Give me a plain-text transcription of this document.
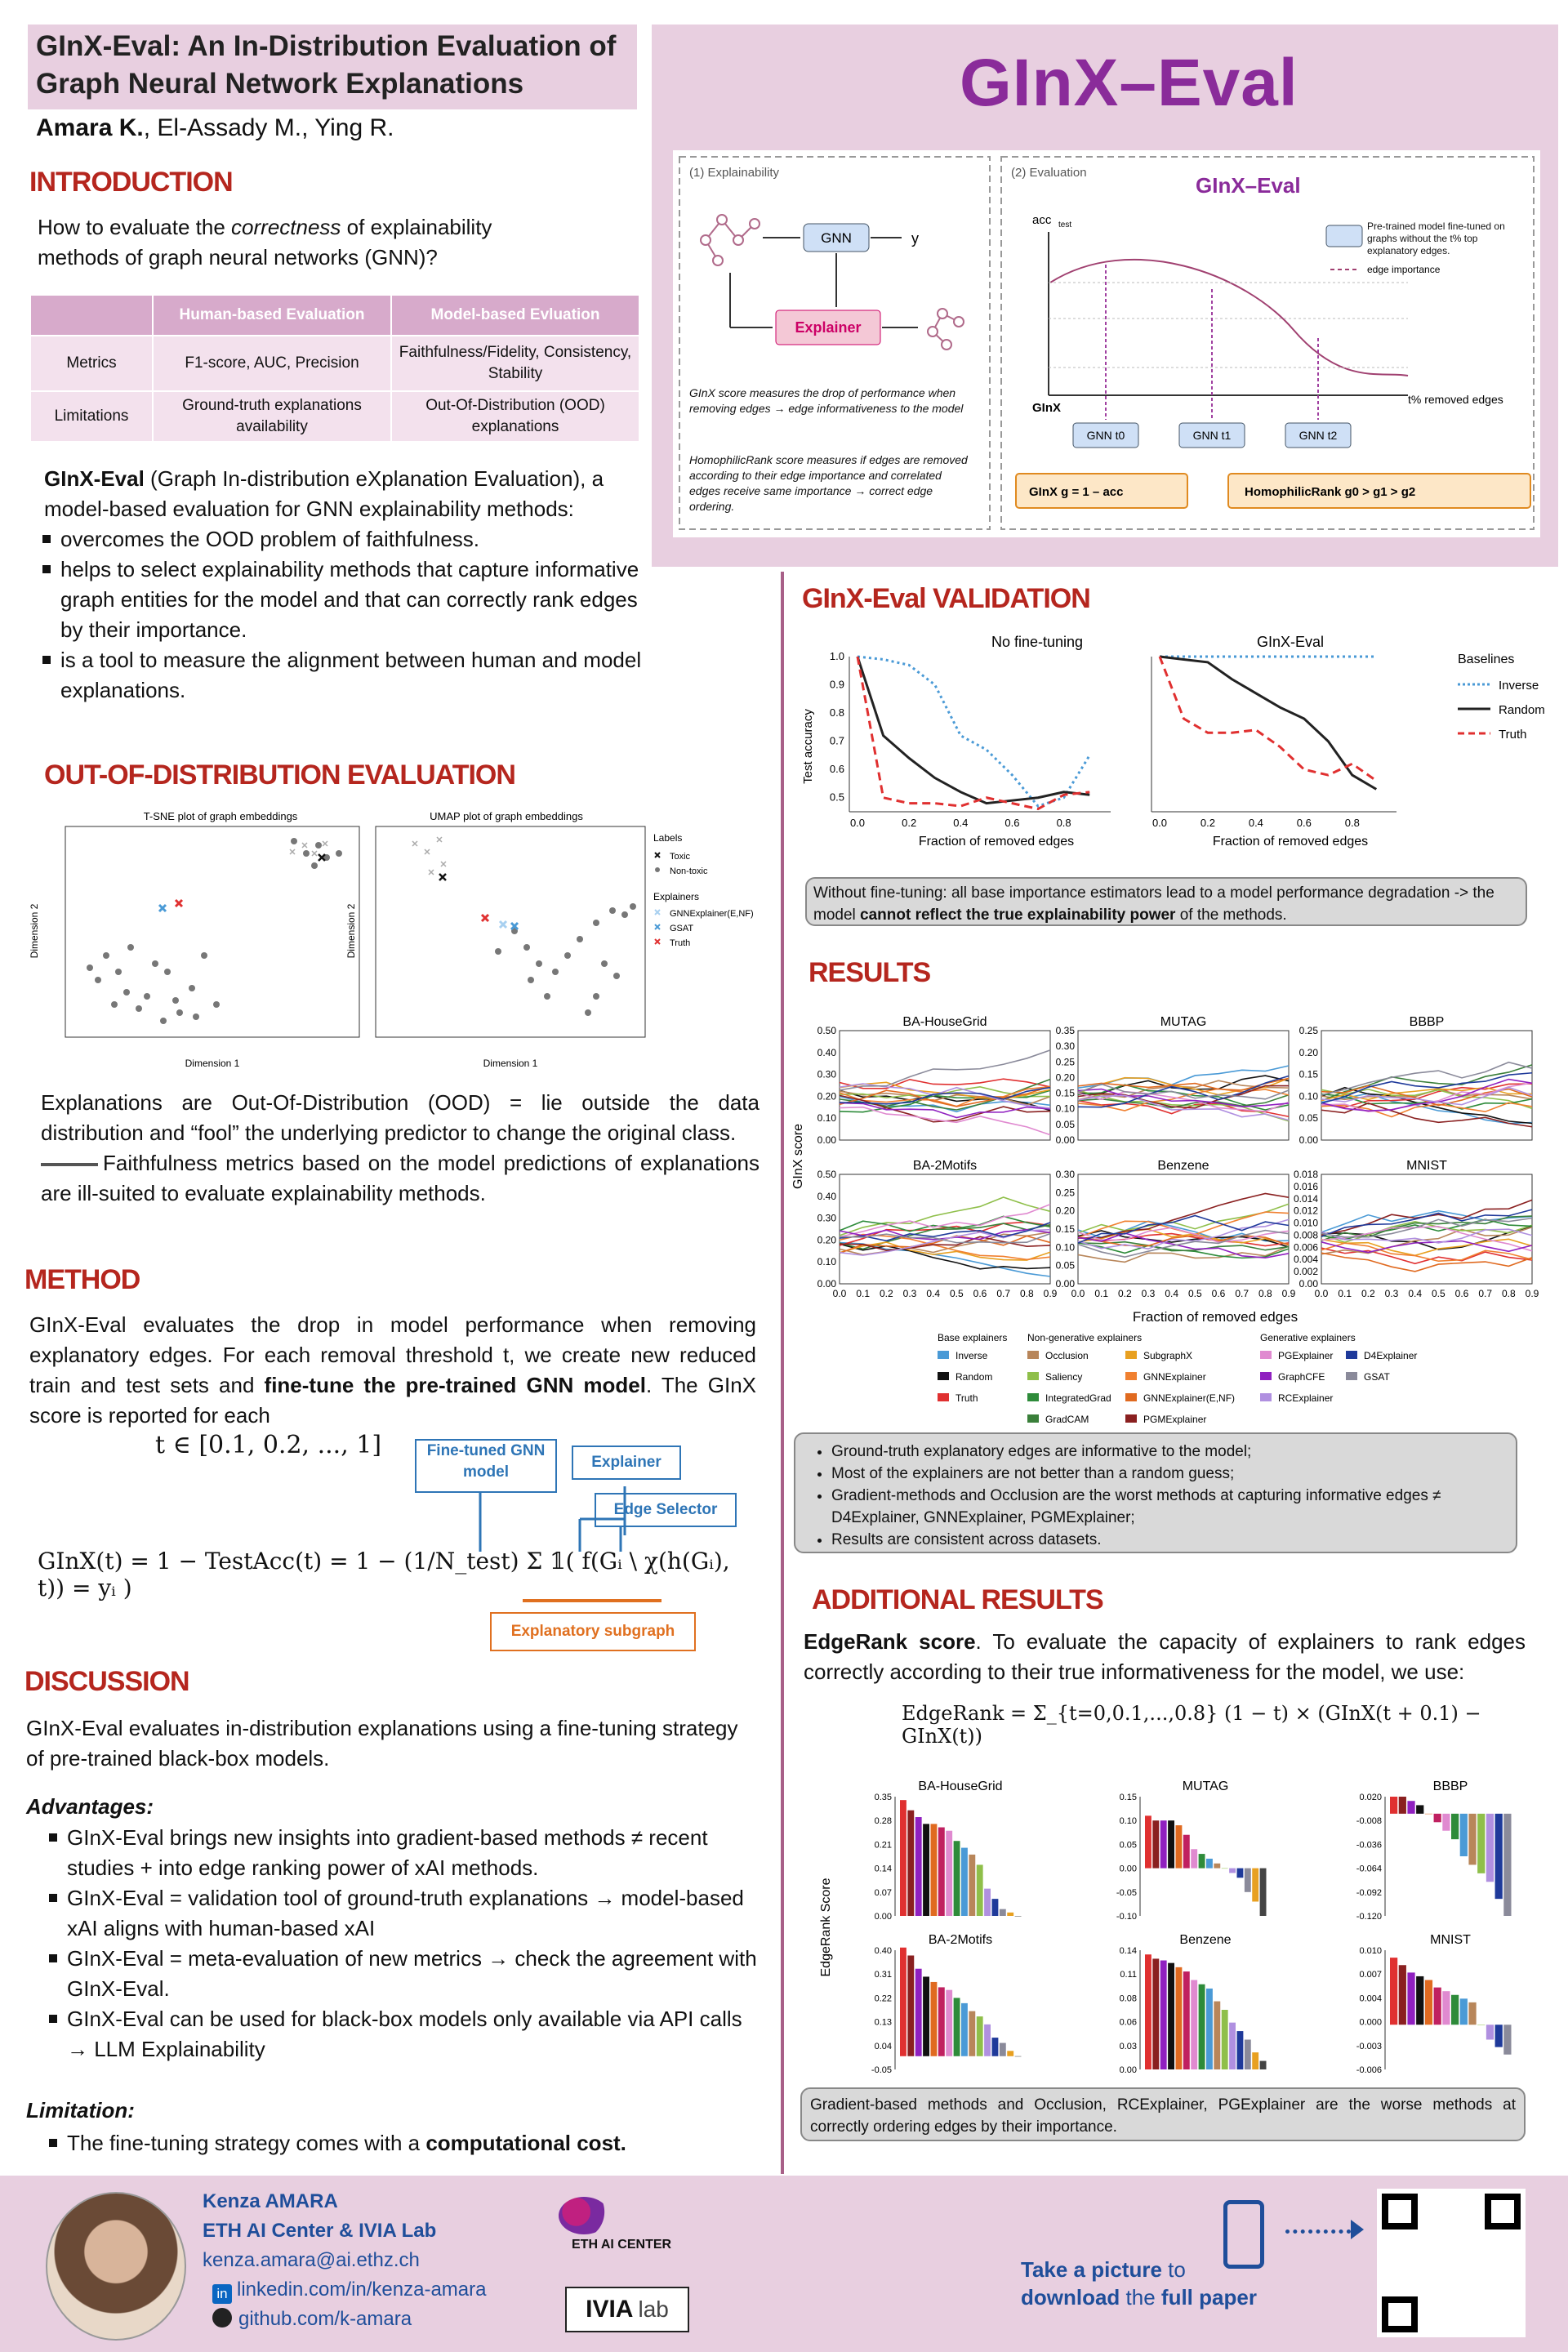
GInX-Eval: An In-Distribution Evaluation of Graph Neural Network Explanations
Amara K., El-Assady M., Ying R.
GInX–Eval
(1) Explainability	(2) Evaluation
GNN	y
Explainer
GInX score measures the drop of performance when removing edges → edge informativeness to the model
HomophilicRank score measures if edges are removed according to their edge importance and correlated edges receive same importance → correct edge ordering.
GInX–Eval
acc test
GInX
t% removed edges
GNN t0	GNN t1	GNN t2
Pre-trained model fine-tuned on graphs without the t% top explanatory edges.
edge importance
GInX g = 1 – acc	HomophilicRank g0 > g1 > g2
INTRODUCTION
How to evaluate the correctness of explainability methods of graph neural networks (GNN)?
	Human-based Evaluation	Model-based Evluation
Metrics	F1-score, AUC, Precision	Faithfulness/Fidelity, Consistency, Stability
Limitations	Ground-truth explanations availability	Out-Of-Distribution (OOD) explanations
GInX-Eval (Graph In-distribution eXplanation Evaluation), a model-based evaluation for GNN explainability methods:
overcomes the OOD problem of faithfulness.
helps to select explainability methods that capture informative graph entities for the model and that can correctly rank edges by their importance.
is a tool to measure the alignment between human and model explanations.
OUT-OF-DISTRIBUTION EVALUATION
T-SNE plot of graph embeddings
Dimension 1
Dimension 2
UMAP plot of graph embeddings
Dimension 1
Dimension 2
Labels
Toxic
Non-toxic
Explainers
GNNExplainer(E,NF)
GSAT
Truth
Explanations are Out-Of-Distribution (OOD) = lie outside the data distribution and “fool” the underlying predictor to change the original class.
Faithfulness metrics based on the model predictions of explanations are ill-suited to evaluate explainability methods.
METHOD
GInX-Eval evaluates the drop in model performance when removing explanatory edges. For each removal threshold t, we create new reduced train and test sets and fine-tune the pre-trained GNN model. The GInX score is reported for each
t ∈ [0.1, 0.2, ..., 1]	Fine-tuned GNN model
Explainer
Edge Selector
GInX(t) = 1 − TestAcc(t) = 1 − (1/N_test) Σ 𝟙( f(Gᵢ \ χ(h(Gᵢ), t)) = yᵢ )
Explanatory subgraph
DISCUSSION
GInX-Eval evaluates in-distribution explanations using a fine-tuning strategy of pre-trained black-box models.
Advantages:
GInX-Eval brings new insights into gradient-based methods ≠ recent studies + into edge ranking power of xAI methods.
GInX-Eval = validation tool of ground-truth explanations → model-based xAI aligns with human-based xAI
GInX-Eval = meta-evaluation of new metrics → check the agreement with GInX-Eval.
GInX-Eval can be used for black-box models only available via API calls → LLM Explainability
Limitation:
The fine-tuning strategy comes with a computational cost.
GInX-Eval VALIDATION
No fine-tuning	GInX-Eval
Test accuracy
Fraction of removed edges	Fraction of removed edges
0.0	0.2	0.4	0.6	0.8
0.5
0.6
0.7
0.8
0.9
1.0
0.0	0.2	0.4	0.6	0.8
Baselines
Inverse
Random
Truth
Without fine-tuning: all base importance estimators lead to a model performance degradation -> the model cannot reflect the true explainability power of the methods.
RESULTS
GInX score
BA-HouseGrid
0.00
0.10
0.20
0.30
0.40
0.50
MUTAG
0.00
0.05
0.10
0.15
0.20
0.25
0.30
0.35
BBBP
0.00
0.05
0.10
0.15
0.20
0.25
BA-2Motifs
0.00
0.10
0.20
0.30
0.40
0.50
0.0 0.1 0.2 0.3 0.4 0.5 0.6 0.7 0.8 0.9
Benzene
0.00
0.05
0.10
0.15
0.20
0.25
0.30
0.0 0.1 0.2 0.3 0.4 0.5 0.6 0.7 0.8 0.9
MNIST
0.00
0.002
0.004
0.006
0.008
0.010
0.012
0.014
0.016
0.018
0.0 0.1 0.2 0.3 0.4 0.5 0.6 0.7 0.8 0.9
Fraction of removed edges
Base explainers Non-generative explainers	Generative explainers
Inverse
Random
Truth
Occlusion
Saliency
IntegratedGrad
GradCAM
SubgraphX
GNNExplainer
GNNExplainer(E,NF)
PGMExplainer
PGExplainer
GraphCFE
RCExplainer
D4Explainer
GSAT
• Ground-truth explanatory edges are informative to the model;
• Most of the explainers are not better than a random guess;
• Gradient-methods and Occlusion are the worst methods at capturing informative edges ≠ D4Explainer, GNNExplainer, PGMExplainer;
• Results are consistent across datasets.
ADDITIONAL RESULTS
EdgeRank score. To evaluate the capacity of explainers to rank edges correctly according to their true informativeness for the model, we use:
EdgeRank = Σ_{t=0,0.1,...,0.8} (1 − t) × (GInX(t + 0.1) − GInX(t))
EdgeRank Score
BA-HouseGrid
0.00
0.07
0.14
0.21
0.28
0.35
MUTAG
-0.10
-0.05
0.00
0.05
0.10
0.15
BBBP
-0.120
-0.092
-0.064
-0.036
-0.008
0.020
BA-2Motifs
-0.05
0.04
0.13
0.22
0.31
0.40
Benzene
0.00
0.03
0.06
0.08
0.11
0.14
MNIST
-0.006
-0.003
0.000
0.004
0.007
0.010
Gradient-based methods and Occlusion, RCExplainer, PGExplainer are the worse methods at correctly ordering edges by their importance.
Kenza AMARA
ETH AI Center & IVIA Lab
kenza.amara@ai.ethz.ch
in linkedin.com/in/kenza-amara
github.com/k-amara
ETH AI CENTER
IVIA lab
Take a picture to
download the full paper
